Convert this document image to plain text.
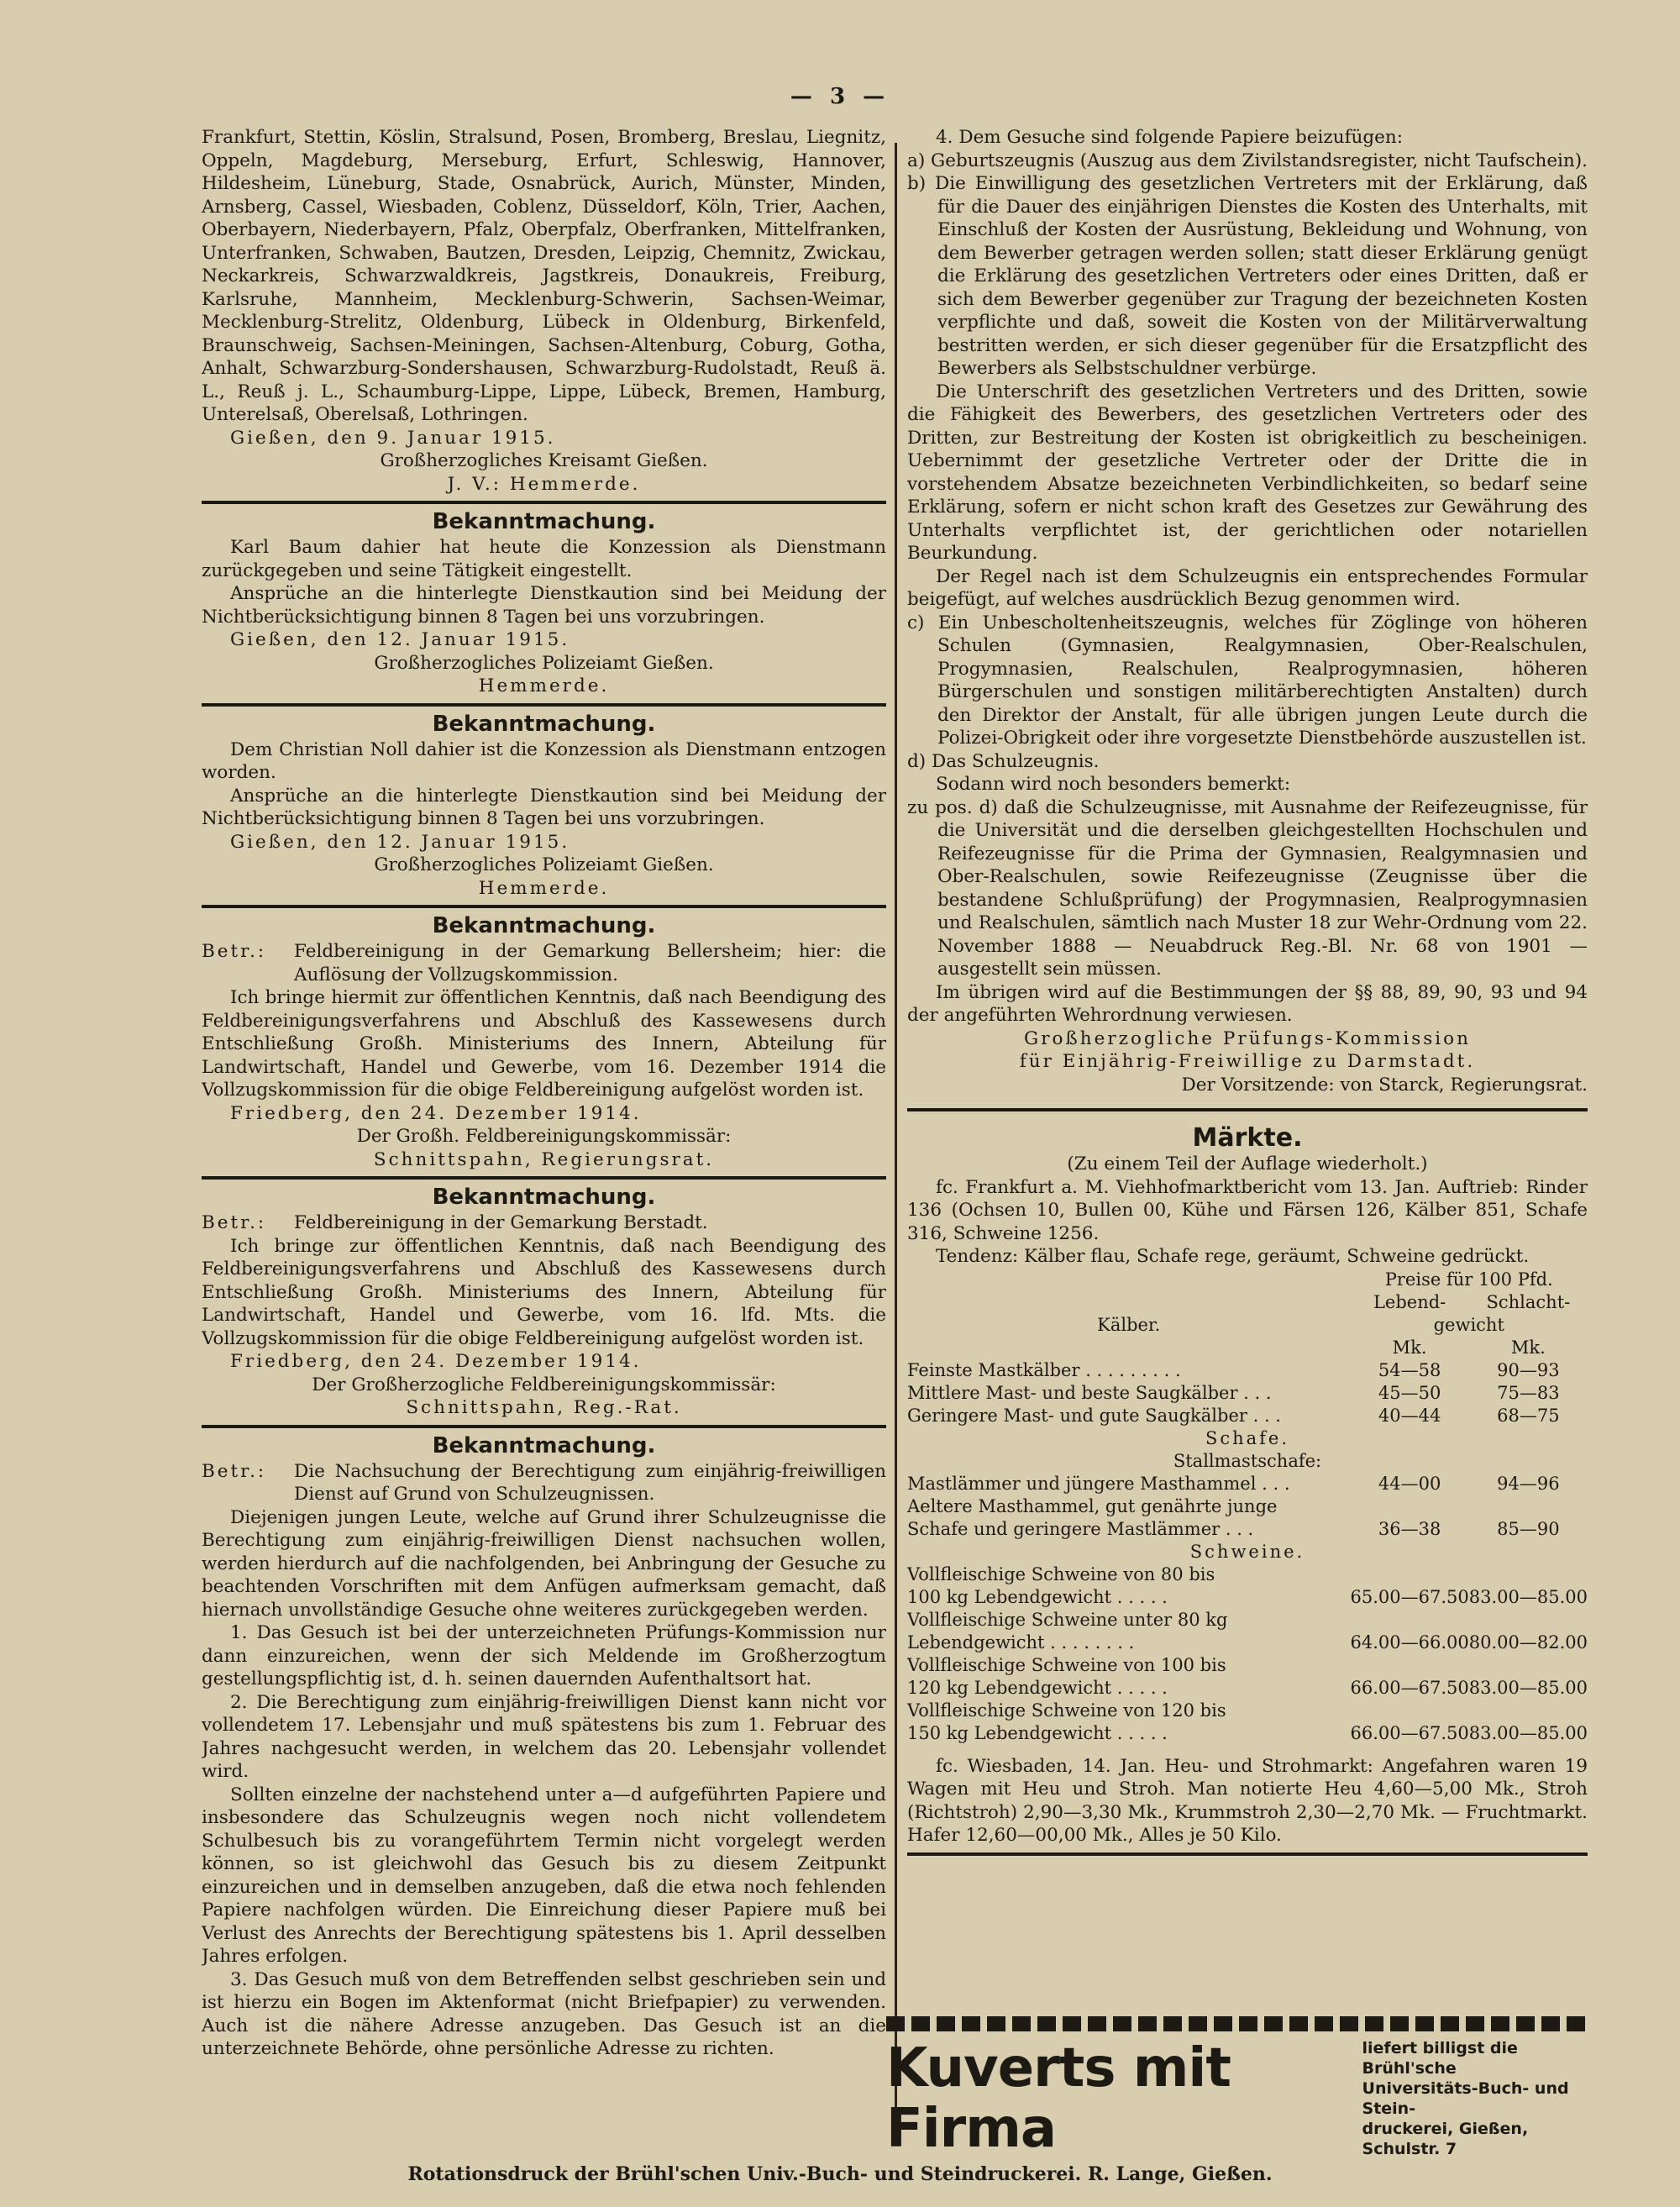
— 3 —

Frankfurt, Stettin, Köslin, Stralsund, Posen, Bromberg, Breslau, Liegnitz, Oppeln, Magdeburg, Merseburg, Erfurt, Schleswig, Hannover, Hildesheim, Lüneburg, Stade, Osnabrück, Aurich, Münster, Minden, Arnsberg, Cassel, Wiesbaden, Coblenz, Düsseldorf, Köln, Trier, Aachen, Oberbayern, Niederbayern, Pfalz, Oberpfalz, Oberfranken, Mittelfranken, Unterfranken, Schwaben, Bautzen, Dresden, Leipzig, Chemnitz, Zwickau, Neckarkreis, Schwarzwaldkreis, Jagstkreis, Donaukreis, Freiburg, Karlsruhe, Mannheim, Mecklenburg-Schwerin, Sachsen-Weimar, Mecklenburg-Strelitz, Oldenburg, Lübeck in Oldenburg, Birkenfeld, Braunschweig, Sachsen-Meiningen, Sachsen-Altenburg, Coburg, Gotha, Anhalt, Schwarzburg-Sondershausen, Schwarzburg-Rudolstadt, Reuß ä. L., Reuß j. L., Schaumburg-Lippe, Lippe, Lübeck, Bremen, Hamburg, Unterelsaß, Oberelsaß, Lothringen.

Gießen, den 9. Januar 1915.

Großherzogliches Kreisamt Gießen.

J. V.: Hemmerde.

Bekanntmachung.

Karl Baum dahier hat heute die Konzession als Dienstmann zurückgegeben und seine Tätigkeit eingestellt.

Ansprüche an die hinterlegte Dienstkaution sind bei Meidung der Nichtberücksichtigung binnen 8 Tagen bei uns vorzubringen.

Gießen, den 12. Januar 1915.

Großherzogliches Polizeiamt Gießen.

Hemmerde.

Bekanntmachung.

Dem Christian Noll dahier ist die Konzession als Dienstmann entzogen worden.

Ansprüche an die hinterlegte Dienstkaution sind bei Meidung der Nichtberücksichtigung binnen 8 Tagen bei uns vorzubringen.

Gießen, den 12. Januar 1915.

Großherzogliches Polizeiamt Gießen.

Hemmerde.

Bekanntmachung.

Betr.:	Feldbereinigung in der Gemarkung Bellersheim; hier: die Auflösung der Vollzugskommission.

Ich bringe hiermit zur öffentlichen Kenntnis, daß nach Beendigung des Feldbereinigungsverfahrens und Abschluß des Kassewesens durch Entschließung Großh. Ministeriums des Innern, Abteilung für Landwirtschaft, Handel und Gewerbe, vom 16. Dezember 1914 die Vollzugskommission für die obige Feldbereinigung aufgelöst worden ist.

Friedberg, den 24. Dezember 1914.

Der Großh. Feldbereinigungskommissär:

Schnittspahn, Regierungsrat.

Bekanntmachung.

Betr.:	Feldbereinigung in der Gemarkung Berstadt.

Ich bringe zur öffentlichen Kenntnis, daß nach Beendigung des Feldbereinigungsverfahrens und Abschluß des Kassewesens durch Entschließung Großh. Ministeriums des Innern, Abteilung für Landwirtschaft, Handel und Gewerbe, vom 16. lfd. Mts. die Vollzugskommission für die obige Feldbereinigung aufgelöst worden ist.

Friedberg, den 24. Dezember 1914.

Der Großherzogliche Feldbereinigungskommissär:

Schnittspahn, Reg.-Rat.

Bekanntmachung.

Betr.:	Die Nachsuchung der Berechtigung zum einjährig-freiwilligen Dienst auf Grund von Schulzeugnissen.

Diejenigen jungen Leute, welche auf Grund ihrer Schulzeugnisse die Berechtigung zum einjährig-freiwilligen Dienst nachsuchen wollen, werden hierdurch auf die nachfolgenden, bei Anbringung der Gesuche zu beachtenden Vorschriften mit dem Anfügen aufmerksam gemacht, daß hiernach unvollständige Gesuche ohne weiteres zurückgegeben werden.

1. Das Gesuch ist bei der unterzeichneten Prüfungs-Kommission nur dann einzureichen, wenn der sich Meldende im Großherzogtum gestellungspflichtig ist, d. h. seinen dauernden Aufenthaltsort hat.

2. Die Berechtigung zum einjährig-freiwilligen Dienst kann nicht vor vollendetem 17. Lebensjahr und muß spätestens bis zum 1. Februar des Jahres nachgesucht werden, in welchem das 20. Lebensjahr vollendet wird.

Sollten einzelne der nachstehend unter a—d aufgeführten Papiere und insbesondere das Schulzeugnis wegen noch nicht vollendetem Schulbesuch bis zu vorangeführtem Termin nicht vorgelegt werden können, so ist gleichwohl das Gesuch bis zu diesem Zeitpunkt einzureichen und in demselben anzugeben, daß die etwa noch fehlenden Papiere nachfolgen würden. Die Einreichung dieser Papiere muß bei Verlust des Anrechts der Berechtigung spätestens bis 1. April desselben Jahres erfolgen.

3. Das Gesuch muß von dem Betreffenden selbst geschrieben sein und ist hierzu ein Bogen im Aktenformat (nicht Briefpapier) zu verwenden. Auch ist die nähere Adresse anzugeben. Das Gesuch ist an die unterzeichnete Behörde, ohne persönliche Adresse zu richten.

4. Dem Gesuche sind folgende Papiere beizufügen:

a) Geburtszeugnis (Auszug aus dem Zivilstandsregister, nicht Taufschein).

b) Die Einwilligung des gesetzlichen Vertreters mit der Erklärung, daß für die Dauer des einjährigen Dienstes die Kosten des Unterhalts, mit Einschluß der Kosten der Ausrüstung, Bekleidung und Wohnung, von dem Bewerber getragen werden sollen; statt dieser Erklärung genügt die Erklärung des gesetzlichen Vertreters oder eines Dritten, daß er sich dem Bewerber gegenüber zur Tragung der bezeichneten Kosten verpflichte und daß, soweit die Kosten von der Militärverwaltung bestritten werden, er sich dieser gegenüber für die Ersatzpflicht des Bewerbers als Selbstschuldner verbürge.

Die Unterschrift des gesetzlichen Vertreters und des Dritten, sowie die Fähigkeit des Bewerbers, des gesetzlichen Vertreters oder des Dritten, zur Bestreitung der Kosten ist obrigkeitlich zu bescheinigen. Uebernimmt der gesetzliche Vertreter oder der Dritte die in vorstehendem Absatze bezeichneten Verbindlichkeiten, so bedarf seine Erklärung, sofern er nicht schon kraft des Gesetzes zur Gewährung des Unterhalts verpflichtet ist, der gerichtlichen oder notariellen Beurkundung.

Der Regel nach ist dem Schulzeugnis ein entsprechendes Formular beigefügt, auf welches ausdrücklich Bezug genommen wird.

c) Ein Unbescholtenheitszeugnis, welches für Zöglinge von höheren Schulen (Gymnasien, Realgymnasien, Ober-Realschulen, Progymnasien, Realschulen, Realprogymnasien, höheren Bürgerschulen und sonstigen militärberechtigten Anstalten) durch den Direktor der Anstalt, für alle übrigen jungen Leute durch die Polizei-Obrigkeit oder ihre vorgesetzte Dienstbehörde auszustellen ist.

d) Das Schulzeugnis.

Sodann wird noch besonders bemerkt:

zu pos. d) daß die Schulzeugnisse, mit Ausnahme der Reifezeugnisse, für die Universität und die derselben gleichgestellten Hochschulen und Reifezeugnisse für die Prima der Gymnasien, Realgymnasien und Ober-Realschulen, sowie Reifezeugnisse (Zeugnisse über die bestandene Schlußprüfung) der Progymnasien, Realprogymnasien und Realschulen, sämtlich nach Muster 18 zur Wehr-Ordnung vom 22. November 1888 — Neuabdruck Reg.-Bl. Nr. 68 von 1901 — ausgestellt sein müssen.

Im übrigen wird auf die Bestimmungen der §§ 88, 89, 90, 93 und 94 der angeführten Wehrordnung verwiesen.

Großherzogliche Prüfungs-Kommission

für Einjährig-Freiwillige zu Darmstadt.

Der Vorsitzende: von Starck, Regierungsrat.

Märkte.

(Zu einem Teil der Auflage wiederholt.)

fc. Frankfurt a. M. Viehhofmarktbericht vom 13. Jan. Auftrieb: Rinder 136 (Ochsen 10, Bullen 00, Kühe und Färsen 126, Kälber 851, Schafe 316, Schweine 1256.

Tendenz: Kälber flau, Schafe rege, geräumt, Schweine gedrückt.

	Preise für 100 Pfd.	
	Lebend-	Schlacht-
Kälber.	gewicht	
	Mk.	Mk.
Feinste Mastkälber . . . . . . . . .	54—58	90—93
Mittlere Mast- und beste Saugkälber . . .	45—50	75—83
Geringere Mast- und gute Saugkälber . . .	40—44	68—75
Schafe.		
Stallmastschafe:		
Mastlämmer und jüngere Masthammel . . .	44—00	94—96
Aeltere Masthammel, gut genährte junge		
Schafe und geringere Mastlämmer . . .	36—38	85—90
Schweine.		
Vollfleischige Schweine von 80 bis		
100 kg Lebendgewicht . . . . .	65.00—67.50	83.00—85.00
Vollfleischige Schweine unter 80 kg		
Lebendgewicht . . . . . . . .	64.00—66.00	80.00—82.00
Vollfleischige Schweine von 100 bis		
120 kg Lebendgewicht . . . . .	66.00—67.50	83.00—85.00
Vollfleischige Schweine von 120 bis		
150 kg Lebendgewicht . . . . .	66.00—67.50	83.00—85.00

fc. Wiesbaden, 14. Jan. Heu- und Strohmarkt: Angefahren waren 19 Wagen mit Heu und Stroh. Man notierte Heu 4,60—5,00 Mk., Stroh (Richtstroh) 2,90—3,30 Mk., Krummstroh 2,30—2,70 Mk. — Fruchtmarkt. Hafer 12,60—00,00 Mk., Alles je 50 Kilo.

Kuverts mit Firma
liefert billigst die Brühl'sche
Universitäts-Buch- und Stein-
druckerei, Gießen, Schulstr. 7
Rotationsdruck der Brühl'schen Univ.-Buch- und Steindruckerei. R. Lange, Gießen.
